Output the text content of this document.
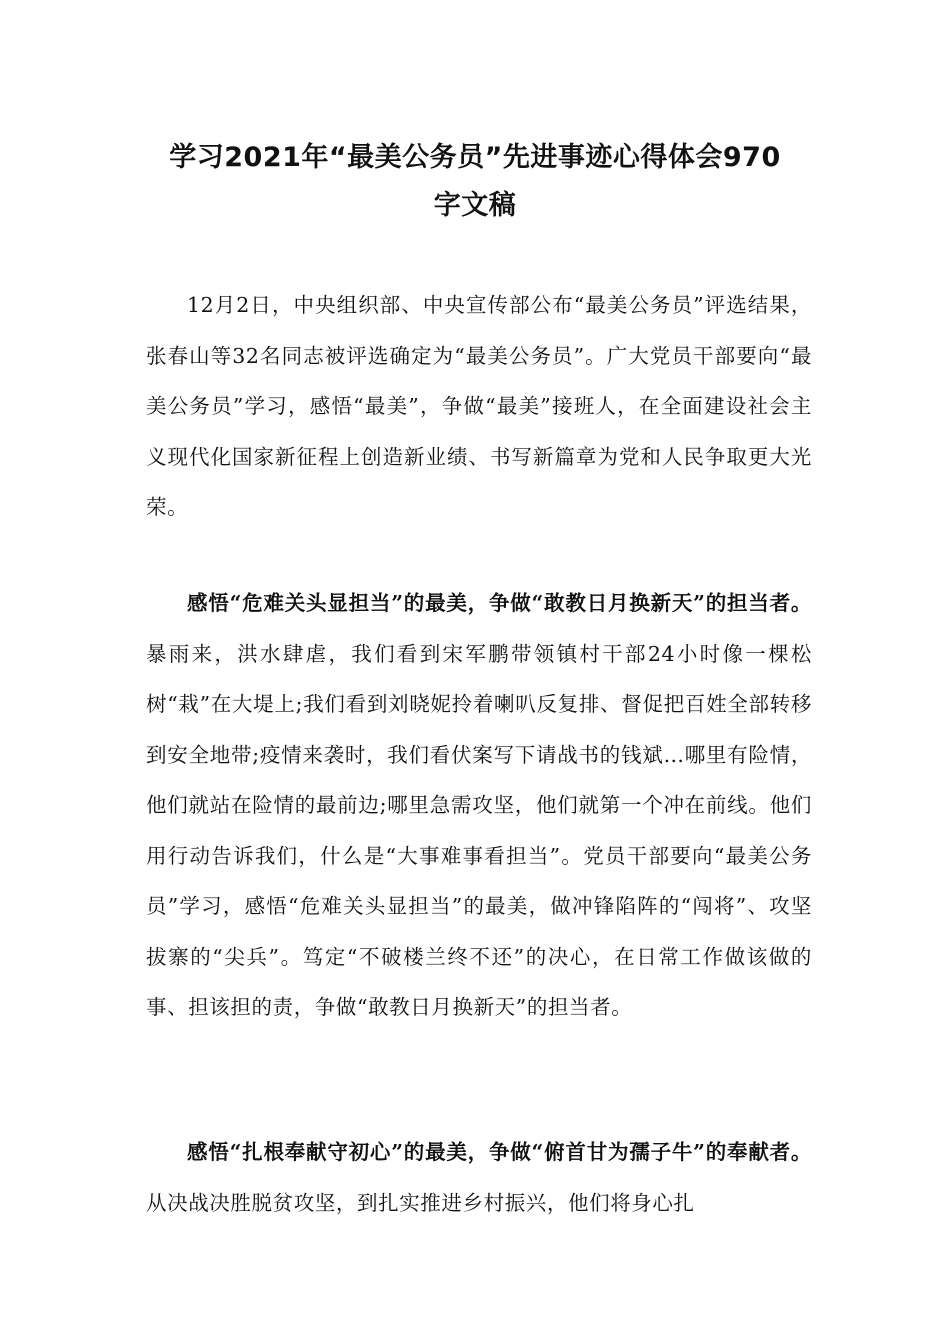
学习2021年“最美公务员”先进事迹心得体会970
字文稿

12月2日，中央组织部、中央宣传部公布“最美公务员”评选结果，张春山等32名同志被评选确定为“最美公务员”。广大党员干部要向“最美公务员”学习，感悟“最美”，争做“最美”接班人，在全面建设社会主义现代化国家新征程上创造新业绩、书写新篇章为党和人民争取更大光荣。

感悟“危难关头显担当”的最美，争做“敢教日月换新天”的担当者。暴雨来，洪水肆虐，我们看到宋军鹏带领镇村干部24小时像一棵松树“栽”在大堤上;我们看到刘晓妮拎着喇叭反复排、督促把百姓全部转移到安全地带;疫情来袭时，我们看伏案写下请战书的钱斌…哪里有险情，他们就站在险情的最前边;哪里急需攻坚，他们就第一个冲在前线。他们用行动告诉我们，什么是“大事难事看担当”。党员干部要向“最美公务员”学习，感悟“危难关头显担当”的最美，做冲锋陷阵的“闯将”、攻坚拔寨的“尖兵”。笃定“不破楼兰终不还”的决心，在日常工作做该做的事、担该担的责，争做“敢教日月换新天”的担当者。

感悟“扎根奉献守初心”的最美，争做“俯首甘为孺子牛”的奉献者。从决战决胜脱贫攻坚，到扎实推进乡村振兴，他们将身心扎
